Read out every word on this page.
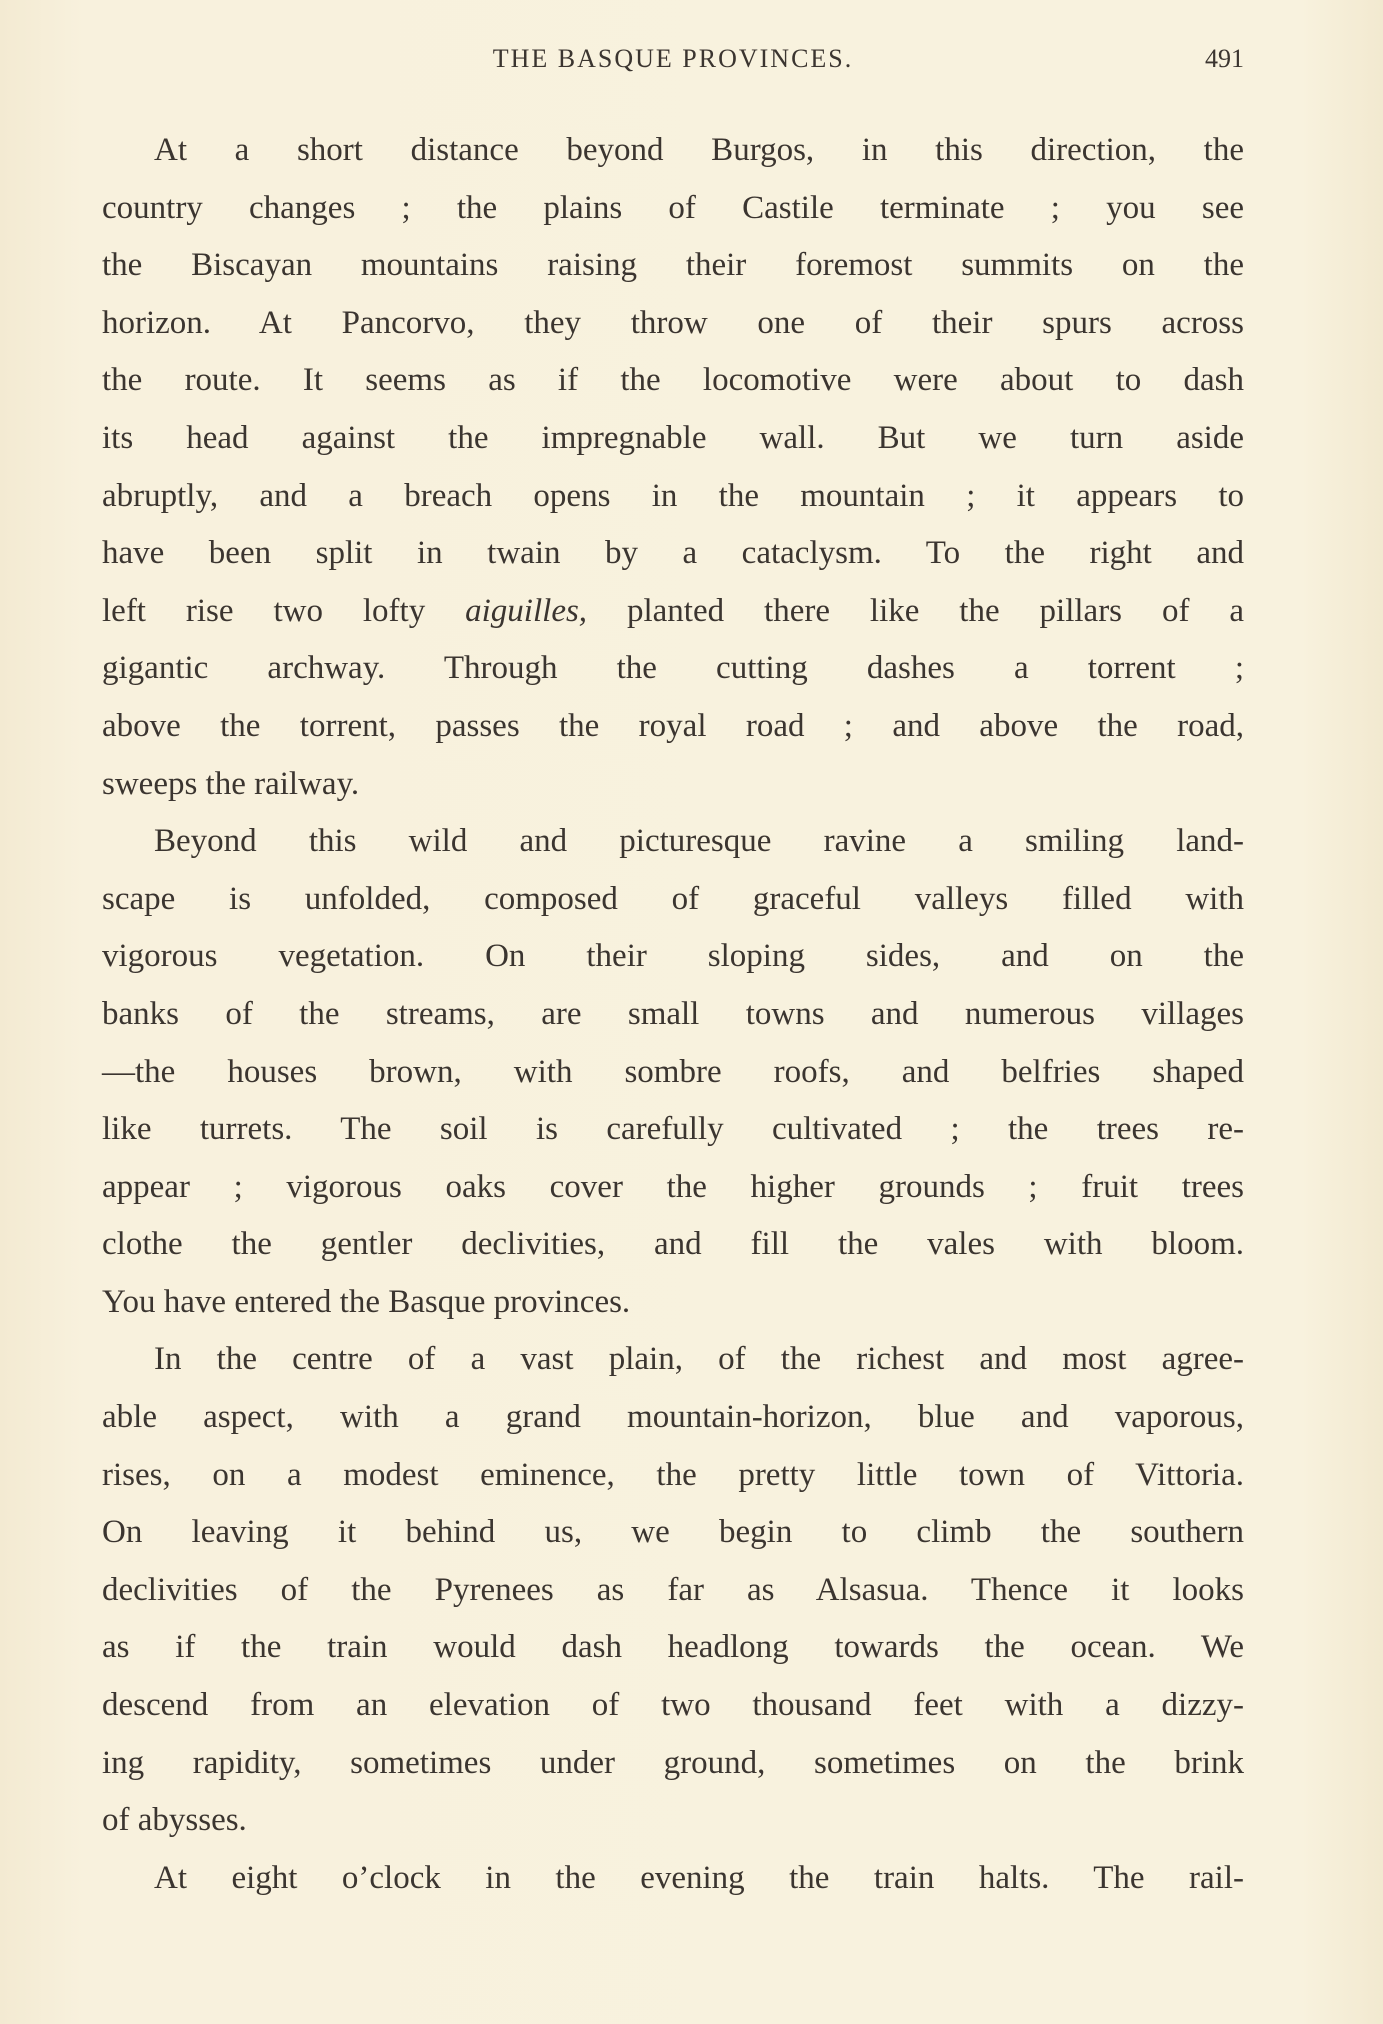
THE BASQUE PROVINCES.	491
At a short distance beyond Burgos, in this direction, the
country changes ; the plains of Castile terminate ; you see
the Biscayan mountains raising their foremost summits on the
horizon. At Pancorvo, they throw one of their spurs across
the route. It seems as if the locomotive were about to dash
its head against the impregnable wall. But we turn aside
abruptly, and a breach opens in the mountain ; it appears to
have been split in twain by a cataclysm. To the right and
left rise two lofty aiguilles, planted there like the pillars of a
gigantic archway. Through the cutting dashes a torrent ;
above the torrent, passes the royal road ; and above the road,
sweeps the railway.
Beyond this wild and picturesque ravine a smiling land-
scape is unfolded, composed of graceful valleys filled with
vigorous vegetation. On their sloping sides, and on the
banks of the streams, are small towns and numerous villages
—the houses brown, with sombre roofs, and belfries shaped
like turrets. The soil is carefully cultivated ; the trees re-
appear ; vigorous oaks cover the higher grounds ; fruit trees
clothe the gentler declivities, and fill the vales with bloom.
You have entered the Basque provinces.
In the centre of a vast plain, of the richest and most agree-
able aspect, with a grand mountain-horizon, blue and vaporous,
rises, on a modest eminence, the pretty little town of Vittoria.
On leaving it behind us, we begin to climb the southern
declivities of the Pyrenees as far as Alsasua. Thence it looks
as if the train would dash headlong towards the ocean. We
descend from an elevation of two thousand feet with a dizzy-
ing rapidity, sometimes under ground, sometimes on the brink
of abysses.
At eight o’clock in the evening the train halts. The rail-
